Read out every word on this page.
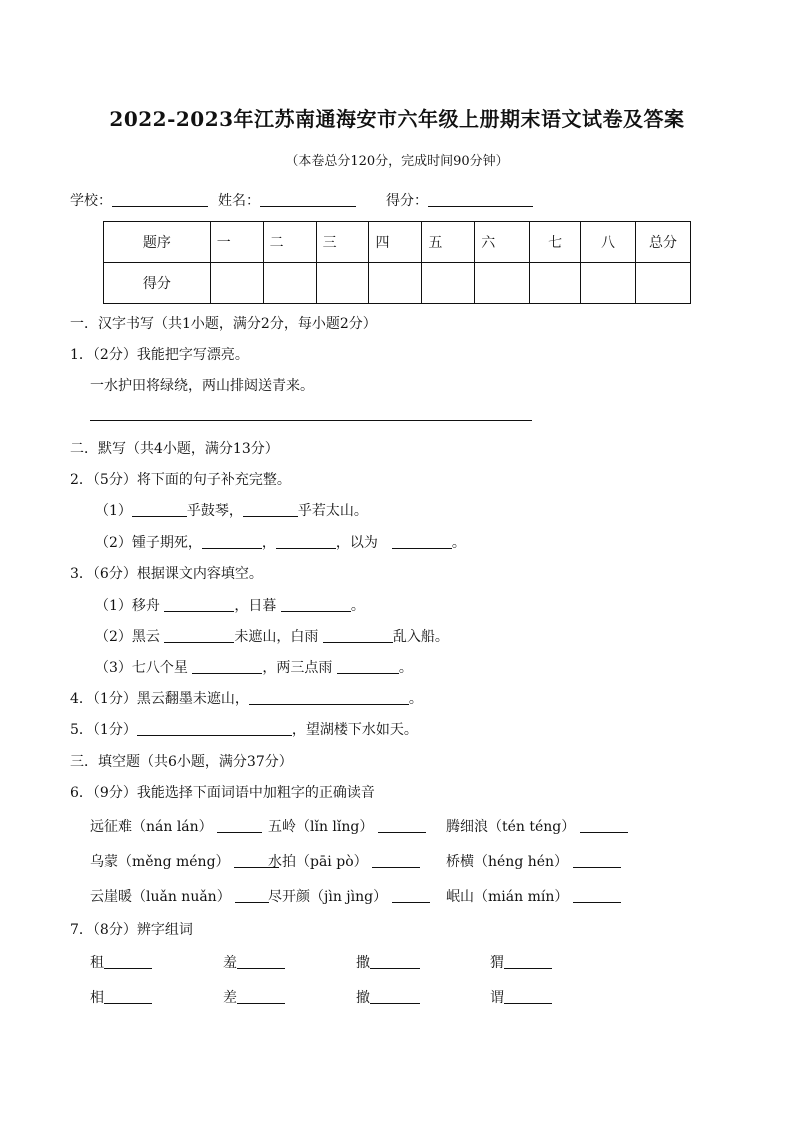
2022-2023年江苏南通海安市六年级上册期末语文试卷及答案
（本卷总分120分，完成时间90分钟）
学校：	姓名：	得分：
题序	一	二	三	四	五	六	七	八	总分
得分									
一．汉字书写（共1小题，满分2分，每小题2分）
1．（2分）我能把字写漂亮。
一水护田将绿绕，两山排闼送青来。
二．默写（共4小题，满分13分）
2．（5分）将下面的句子补充完整。
（1）	乎鼓琴，	乎若太山。
（2）锺子期死，	，	，以为	。
3．（6分）根据课文内容填空。
（1）移舟	，日暮	。
（2）黑云	未遮山，白雨	乱入船。
（3）七八个星	，两三点雨	。
4．（1分）黑云翻墨未遮山，	。
5．（1分）	，望湖楼下水如天。
三．填空题（共6小题，满分37分）
6．（9分）我能选择下面词语中加粗字的正确读音
远征难（nán lán）	五岭（lǐn lǐng）	腾细浪（tén téng）
乌蒙（měng méng）	水拍（pāi pò）	桥横（héng hén）
云崖暖（luǎn nuǎn）	尽开颜（jìn jìng）	岷山（mián mín）
7．（8分）辨字组词
租	羞	撒	猬
相	差	撤	谓
